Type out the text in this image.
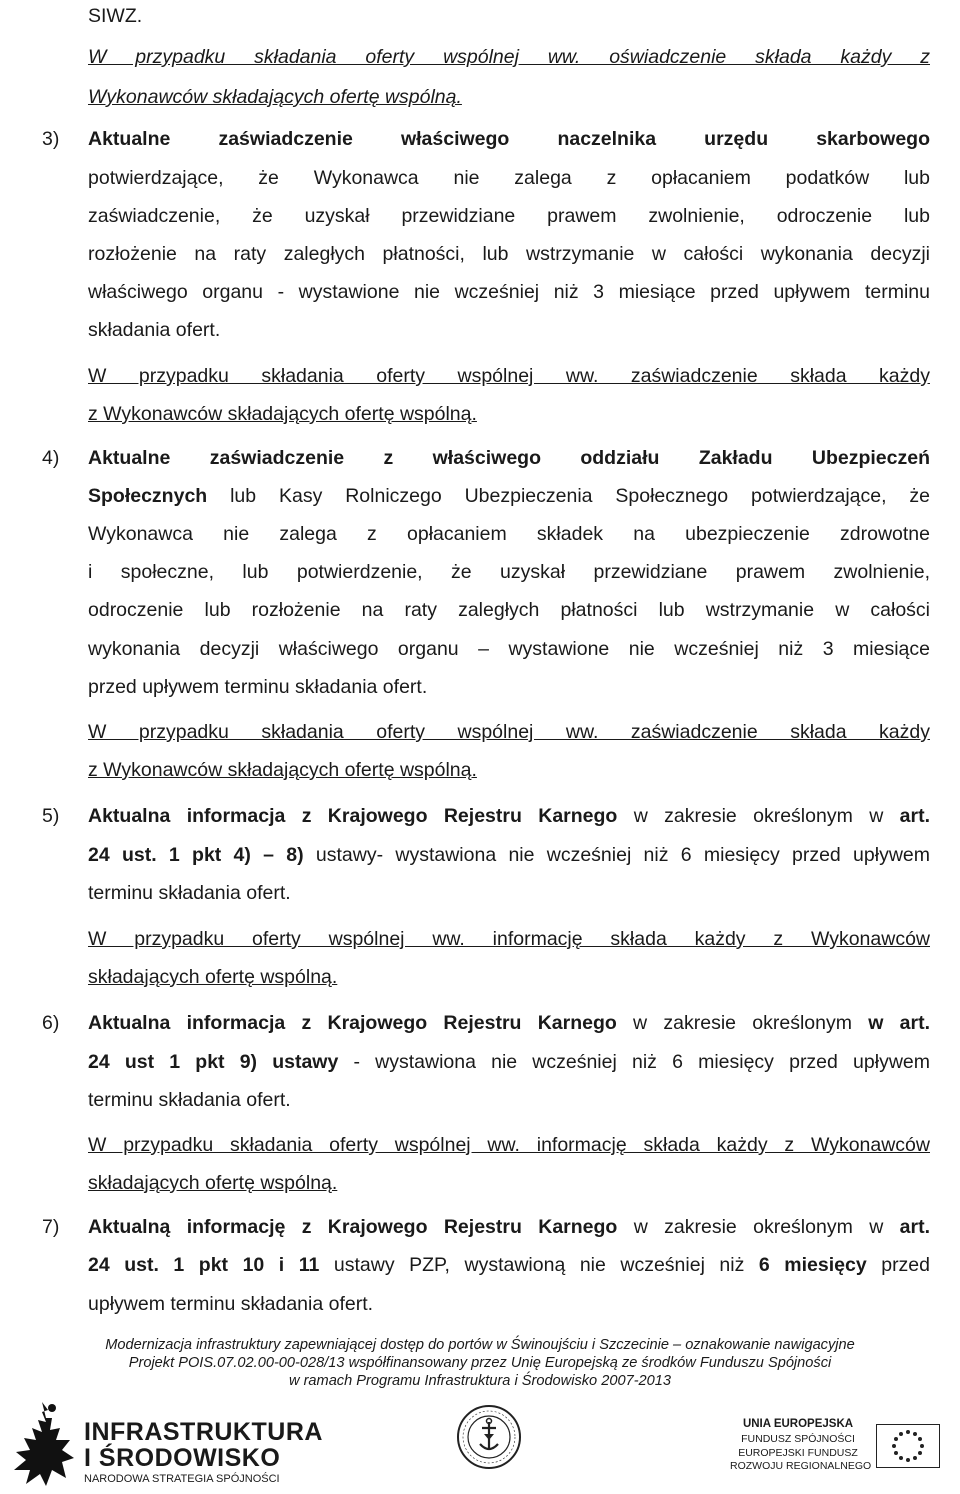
SIWZ.
W przypadku składania oferty wspólnej ww. oświadczenie składa każdy z
Wykonawców składających ofertę wspólną.
3) Aktualne zaświadczenie właściwego naczelnika urzędu skarbowego
potwierdzające, że Wykonawca nie zalega z opłacaniem podatków lub
zaświadczenie, że uzyskał przewidziane prawem zwolnienie, odroczenie lub
rozłożenie na raty zaległych płatności, lub wstrzymanie w całości wykonania decyzji
właściwego organu - wystawione nie wcześniej niż 3 miesiące przed upływem terminu
składania ofert.
W przypadku składania oferty wspólnej ww. zaświadczenie składa każdy
z Wykonawców składających ofertę wspólną.
4) Aktualne zaświadczenie z właściwego oddziału Zakładu Ubezpieczeń
Społecznych lub Kasy Rolniczego Ubezpieczenia Społecznego potwierdzające, że
Wykonawca nie zalega z opłacaniem składek na ubezpieczenie zdrowotne
i społeczne, lub potwierdzenie, że uzyskał przewidziane prawem zwolnienie,
odroczenie lub rozłożenie na raty zaległych płatności lub wstrzymanie w całości
wykonania decyzji właściwego organu – wystawione nie wcześniej niż 3 miesiące
przed upływem terminu składania ofert.
W przypadku składania oferty wspólnej ww. zaświadczenie składa każdy
z Wykonawców składających ofertę wspólną.
5) Aktualna informacja z Krajowego Rejestru Karnego w zakresie określonym w art.
24 ust. 1 pkt 4) – 8) ustawy- wystawiona nie wcześniej niż 6 miesięcy przed upływem
terminu składania ofert.
W przypadku oferty wspólnej ww. informację składa każdy z Wykonawców
składających ofertę wspólną.
6) Aktualna informacja z Krajowego Rejestru Karnego w zakresie określonym w art.
24 ust 1 pkt 9) ustawy - wystawiona nie wcześniej niż 6 miesięcy przed upływem
terminu składania ofert.
W przypadku składania oferty wspólnej ww. informację składa każdy z Wykonawców
składających ofertę wspólną.
7) Aktualną informację z Krajowego Rejestru Karnego w zakresie określonym w art.
24 ust. 1 pkt 10 i 11 ustawy PZP, wystawioną nie wcześniej niż 6 miesięcy przed
upływem terminu składania ofert.
Modernizacja infrastruktury zapewniającej dostęp do portów w Świnoujściu i Szczecinie – oznakowanie nawigacyjne
Projekt POIS.07.02.00-00-028/13 współfinansowany przez Unię Europejską ze środków Funduszu Spójności
w ramach Programu Infrastruktura i Środowisko 2007-2013
INFRASTRUKTURA
I ŚRODOWISKO
NARODOWA STRATEGIA SPÓJNOŚCI
UNIA EUROPEJSKA
FUNDUSZ SPÓJNOŚCI
EUROPEJSKI FUNDUSZ
ROZWOJU REGIONALNEGO
